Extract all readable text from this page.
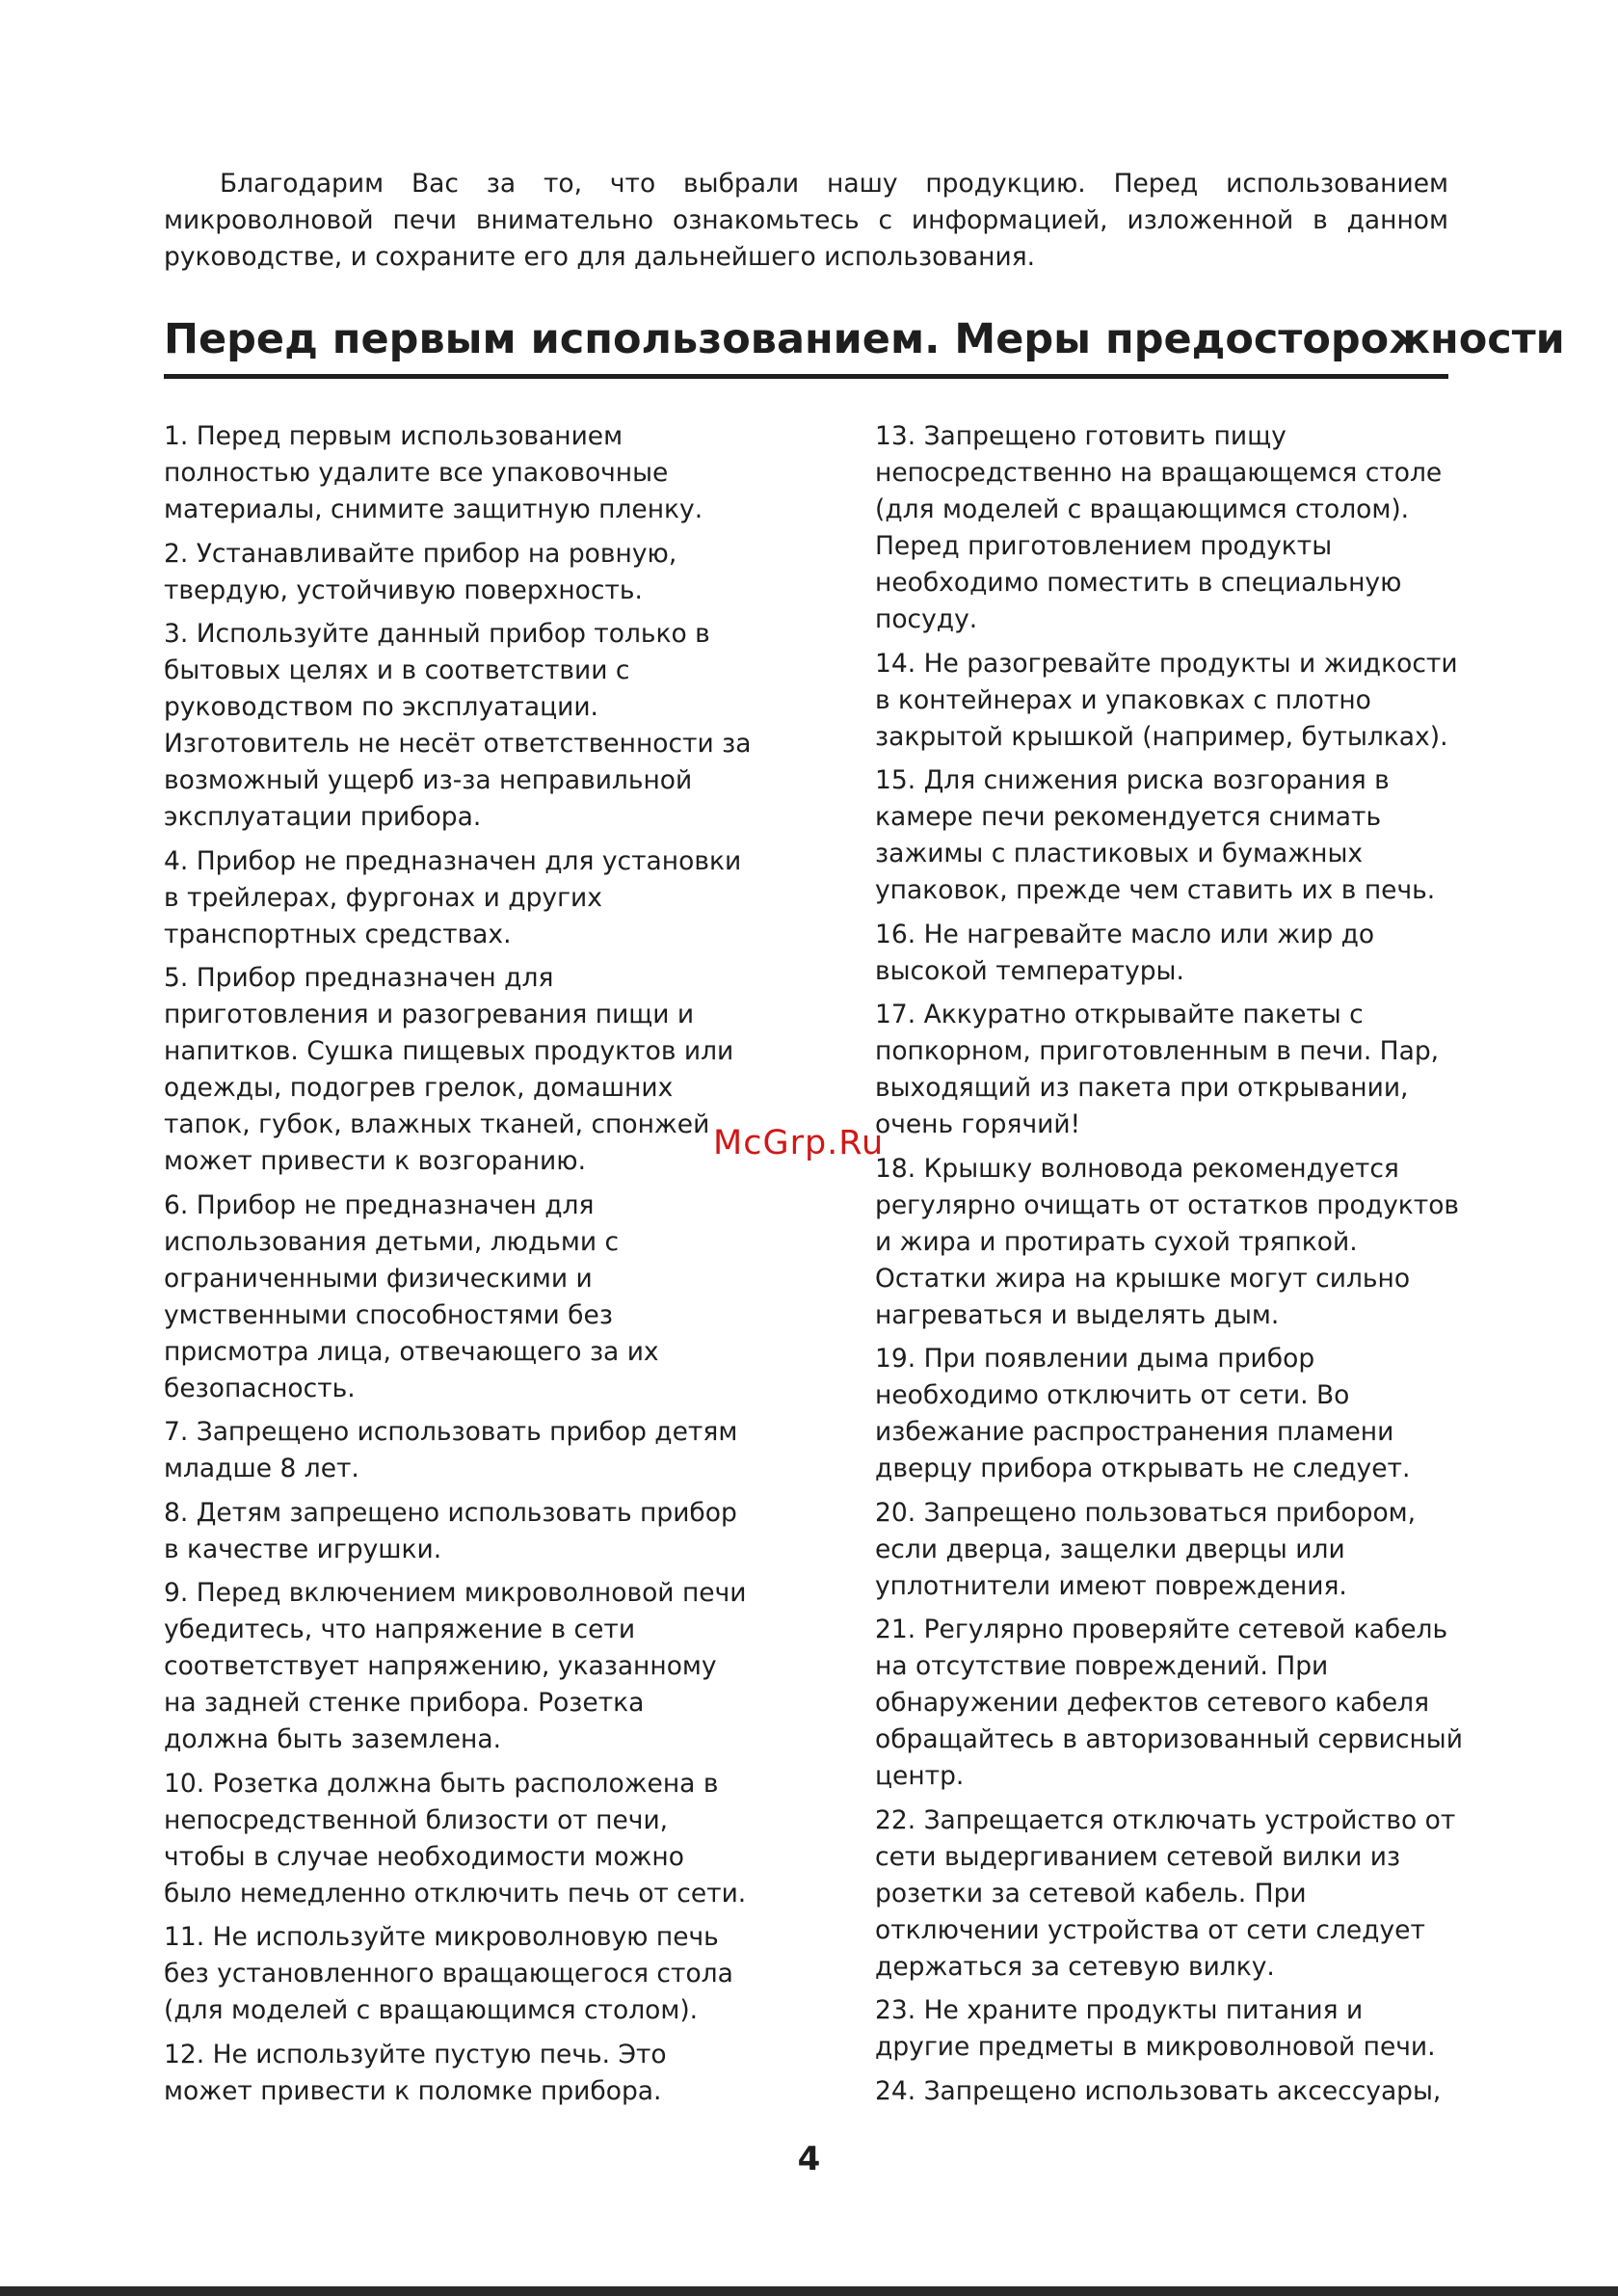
Благодарим Вас за то, что выбрали нашу продукцию. Перед использованием микроволновой печи внимательно ознакомьтесь с информацией, изложенной в данном руководстве, и сохраните его для дальнейшего использования.

Перед первым использованием. Меры предосторожности
1. Перед первым использованием полностью удалите все упаковочные материалы, снимите защитную пленку.
2. Устанавливайте прибор на ровную, твердую, устойчивую поверхность.
3. Используйте данный прибор только в бытовых целях и в соответствии с руководством по эксплуатации. Изготовитель не несёт ответственности за возможный ущерб из-за неправильной эксплуатации прибора.
4. Прибор не предназначен для установки в трейлерах, фургонах и других транспортных средствах.
5. Прибор предназначен для приготовления и разогревания пищи и напитков. Сушка пищевых продуктов или одежды, подогрев грелок, домашних тапок, губок, влажных тканей, спонжей может привести к возгоранию.
6. Прибор не предназначен для использования детьми, людьми с ограниченными физическими и умственными способностями без присмотра лица, отвечающего за их безопасность.
7. Запрещено использовать прибор детям младше 8 лет.
8. Детям запрещено использовать прибор в качестве игрушки.
9. Перед включением микроволновой печи убедитесь, что напряжение в сети соответствует напряжению, указанному на задней стенке прибора. Розетка должна быть заземлена.
10. Розетка должна быть расположена в непосредственной близости от печи, чтобы в случае необходимости можно было немедленно отключить печь от сети.
11. Не используйте микроволновую печь без установленного вращающегося стола (для моделей с вращающимся столом).
12. Не используйте пустую печь. Это может привести к поломке прибора.
13. Запрещено готовить пищу непосредственно на вращающемся столе (для моделей с вращающимся столом). Перед приготовлением продукты необходимо поместить в специальную посуду.
14. Не разогревайте продукты и жидкости в контейнерах и упаковках с плотно закрытой крышкой (например, бутылках).
15. Для снижения риска возгорания в камере печи рекомендуется снимать зажимы с пластиковых и бумажных упаковок, прежде чем ставить их в печь.
16. Не нагревайте масло или жир до высокой температуры.
17. Аккуратно открывайте пакеты с попкорном, приготовленным в печи. Пар, выходящий из пакета при открывании, очень горячий!
18. Крышку волновода рекомендуется регулярно очищать от остатков продуктов и жира и протирать сухой тряпкой. Остатки жира на крышке могут сильно нагреваться и выделять дым.
19. При появлении дыма прибор необходимо отключить от сети. Во избежание распространения пламени дверцу прибора открывать не следует.
20. Запрещено пользоваться прибором, если дверца, защелки дверцы или уплотнители имеют повреждения.
21. Регулярно проверяйте сетевой кабель на отсутствие повреждений. При обнаружении дефектов сетевого кабеля обращайтесь в авторизованный сервисный центр.
22. Запрещается отключать устройство от сети выдергиванием сетевой вилки из розетки за сетевой кабель. При отключении устройства от сети следует держаться за сетевую вилку.
23. Не храните продукты питания и другие предметы в микроволновой печи.
24. Запрещено использовать аксессуары,
McGrp.Ru

4
